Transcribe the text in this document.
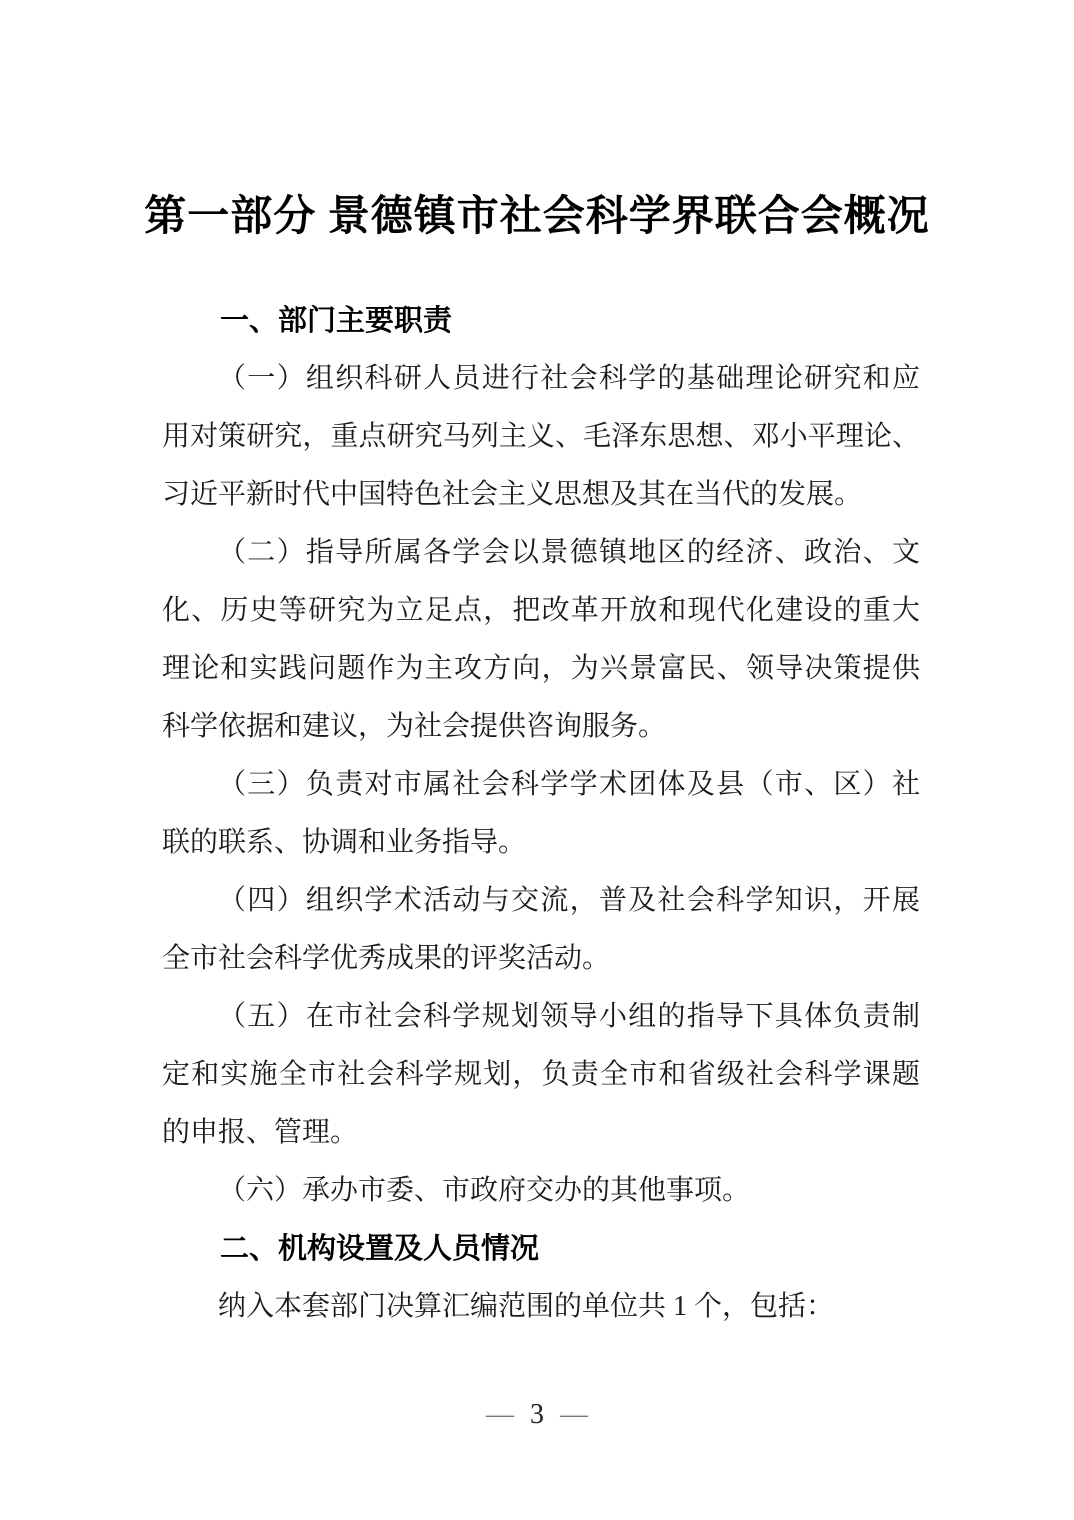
第一部分 景德镇市社会科学界联合会概况
一、部门主要职责
（一）组织科研人员进行社会科学的基础理论研究和应
用对策研究，重点研究马列主义、毛泽东思想、邓小平理论、
习近平新时代中国特色社会主义思想及其在当代的发展。
（二）指导所属各学会以景德镇地区的经济、政治、文
化、历史等研究为立足点，把改革开放和现代化建设的重大
理论和实践问题作为主攻方向，为兴景富民、领导决策提供
科学依据和建议，为社会提供咨询服务。
（三）负责对市属社会科学学术团体及县（市、区）社
联的联系、协调和业务指导。
（四）组织学术活动与交流，普及社会科学知识，开展
全市社会科学优秀成果的评奖活动。
（五）在市社会科学规划领导小组的指导下具体负责制
定和实施全市社会科学规划，负责全市和省级社会科学课题
的申报、管理。
（六）承办市委、市政府交办的其他事项。
二、机构设置及人员情况
纳入本套部门决算汇编范围的单位共 1 个，包括：
— 3 —
